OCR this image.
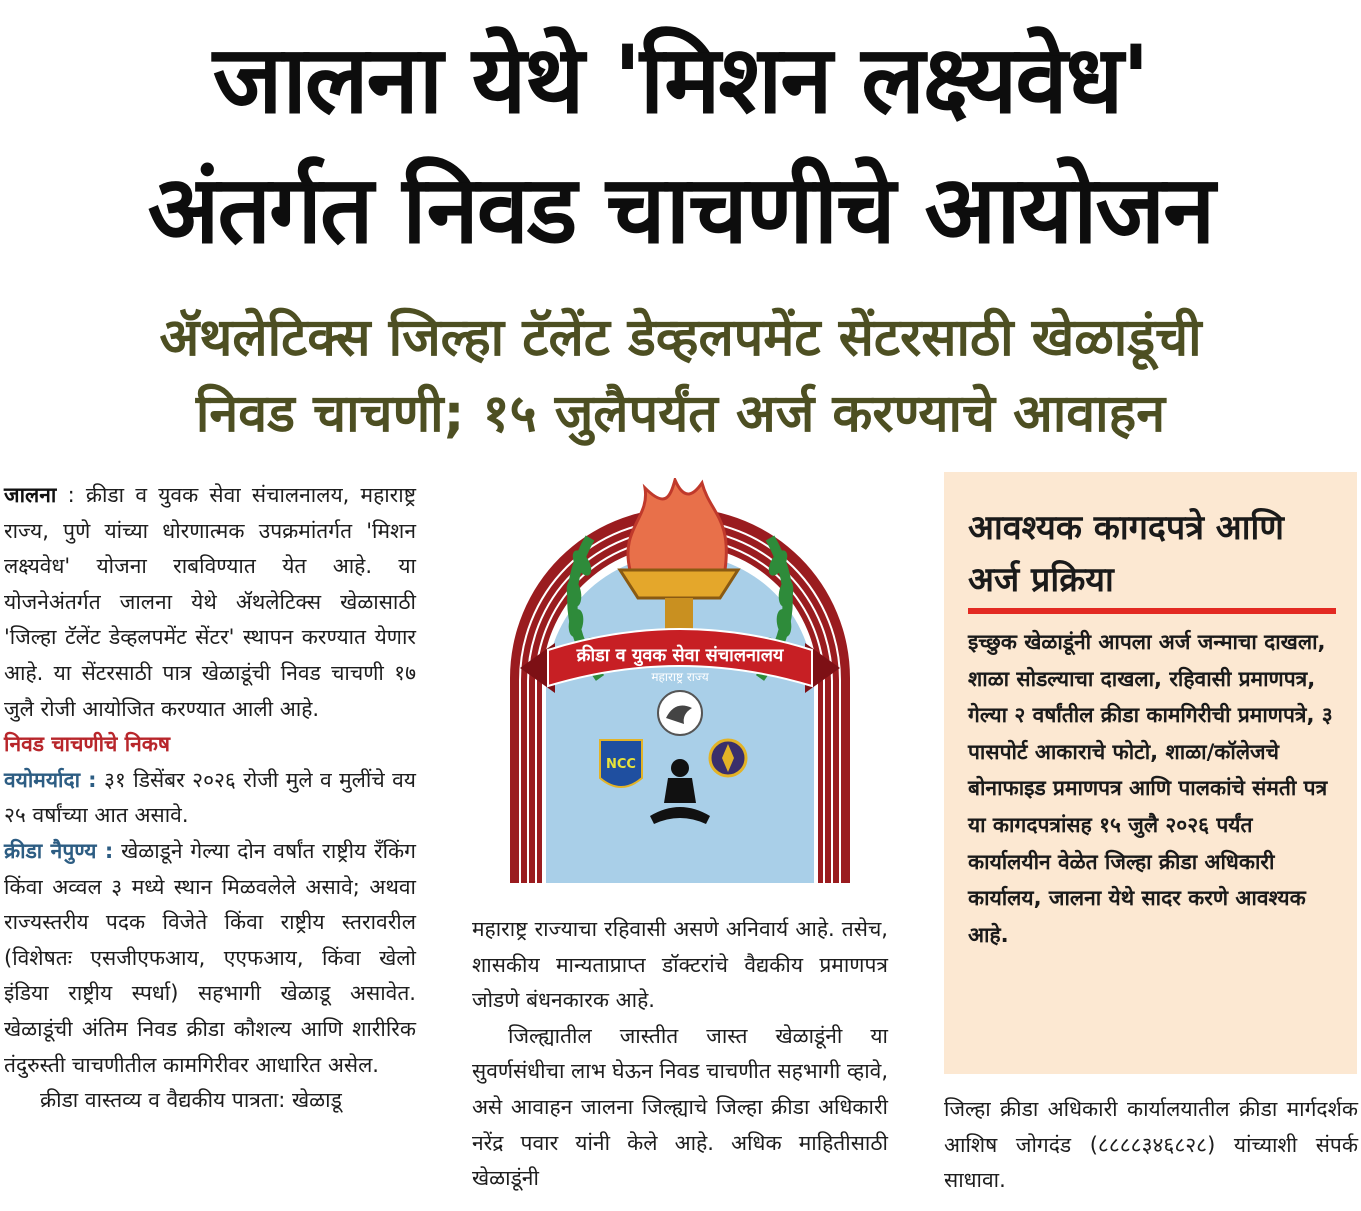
जालना येथे 'मिशन लक्ष्यवेध'
अंतर्गत निवड चाचणीचे आयोजन
ॲथलेटिक्स जिल्हा टॅलेंट डेव्हलपमेंट सेंटरसाठी खेळाडूंची
निवड चाचणी; १५ जुलैपर्यंत अर्ज करण्याचे आवाहन

जालना : क्रीडा व युवक सेवा संचालनालय, महाराष्ट्र राज्य, पुणे यांच्या धोरणात्मक उपक्रमांतर्गत 'मिशन लक्ष्यवेध' योजना राबविण्यात येत आहे. या योजनेअंतर्गत जालना येथे ॲथलेटिक्स खेळासाठी 'जिल्हा टॅलेंट डेव्हलपमेंट सेंटर' स्थापन करण्यात येणार आहे. या सेंटरसाठी पात्र खेळाडूंची निवड चाचणी १७ जुलै रोजी आयोजित करण्यात आली आहे.

निवड चाचणीचे निकष

वयोमर्यादा : ३१ डिसेंबर २०२६ रोजी मुले व मुलींचे वय २५ वर्षांच्या आत असावे.

क्रीडा नैपुण्य : खेळाडूने गेल्या दोन वर्षांत राष्ट्रीय रँकिंग किंवा अव्वल ३ मध्ये स्थान मिळवलेले असावे; अथवा राज्यस्तरीय पदक विजेते किंवा राष्ट्रीय स्तरावरील (विशेषतः एसजीएफआय, एएफआय, किंवा खेलो इंडिया राष्ट्रीय स्पर्धा) सहभागी खेळाडू असावेत. खेळाडूंची अंतिम निवड क्रीडा कौशल्य आणि शारीरिक तंदुरुस्ती चाचणीतील कामगिरीवर आधारित असेल.

क्रीडा वास्तव्य व वैद्यकीय पात्रता: खेळाडू

क्रीडा व युवक सेवा संचालनालय
महाराष्ट्र राज्य
NCC

महाराष्ट्र राज्याचा रहिवासी असणे अनिवार्य आहे. तसेच, शासकीय मान्यताप्राप्त डॉक्टरांचे वैद्यकीय प्रमाणपत्र जोडणे बंधनकारक आहे.

जिल्ह्यातील जास्तीत जास्त खेळाडूंनी या सुवर्णसंधीचा लाभ घेऊन निवड चाचणीत सहभागी व्हावे, असे आवाहन जालना जिल्ह्याचे जिल्हा क्रीडा अधिकारी नरेंद्र पवार यांनी केले आहे. अधिक माहितीसाठी खेळाडूंनी

आवश्यक कागदपत्रे आणि अर्ज प्रक्रिया
इच्छुक खेळाडूंनी आपला अर्ज जन्माचा दाखला, शाळा सोडल्याचा दाखला, रहिवासी प्रमाणपत्र, गेल्या २ वर्षांतील क्रीडा कामगिरीची प्रमाणपत्रे, ३ पासपोर्ट आकाराचे फोटो, शाळा/कॉलेजचे बोनाफाइड प्रमाणपत्र आणि पालकांचे संमती पत्र या कागदपत्रांसह १५ जुलै २०२६ पर्यंत कार्यालयीन वेळेत जिल्हा क्रीडा अधिकारी कार्यालय, जालना येथे सादर करणे आवश्यक आहे.

जिल्हा क्रीडा अधिकारी कार्यालयातील क्रीडा मार्गदर्शक आशिष जोगदंड (८८८८३४६८२८) यांच्याशी संपर्क साधावा.
